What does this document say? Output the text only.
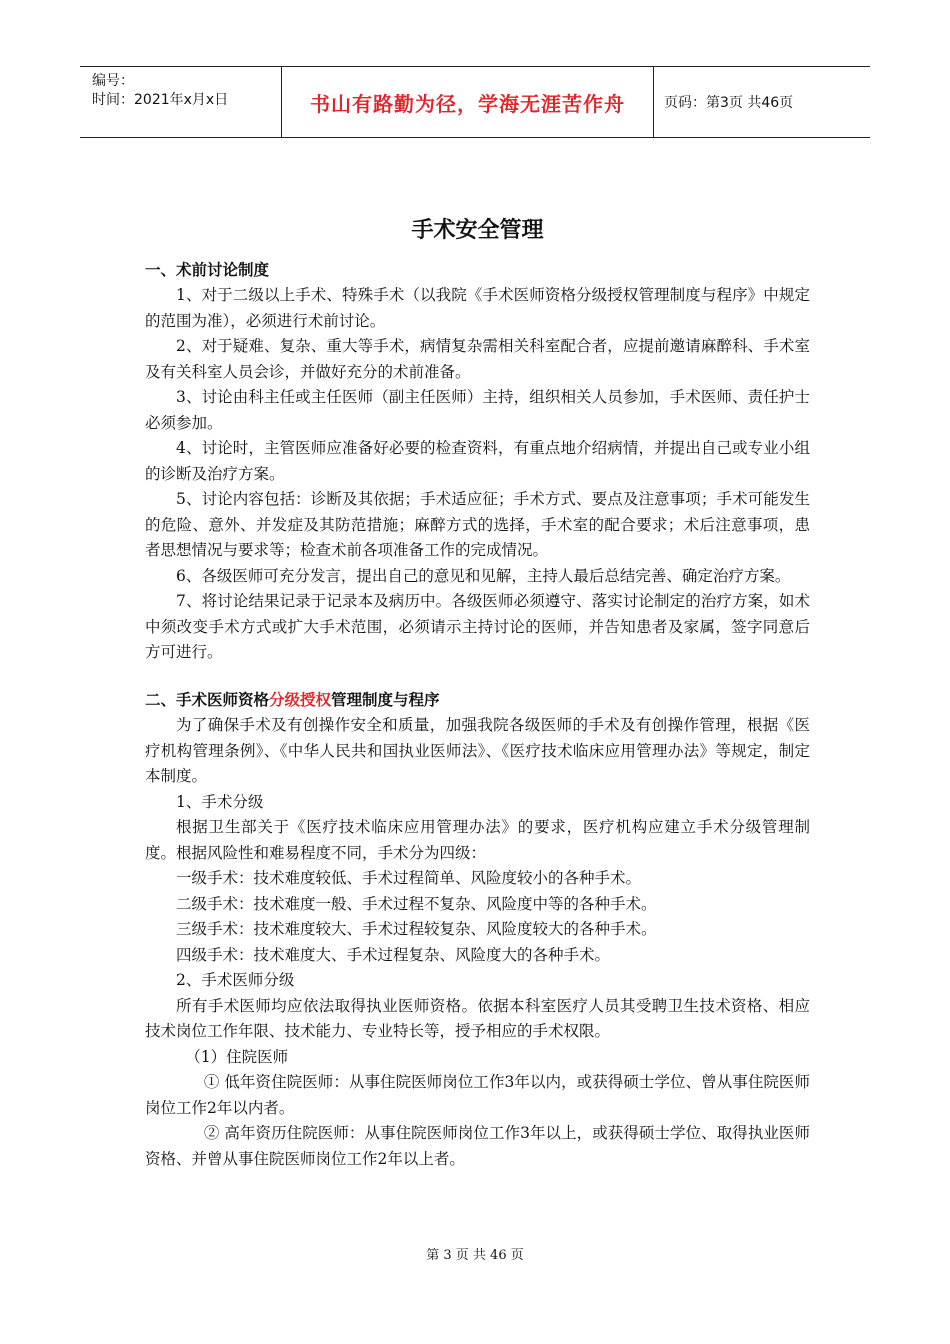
编号：
时间：2021年x月x日	书山有路勤为径，学海无涯苦作舟	页码：第3页 共46页
手术安全管理
一、术前讨论制度

1、对于二级以上手术、特殊手术（以我院《手术医师资格分级授权管理制度与程序》中规定的范围为准），必须进行术前讨论。

2、对于疑难、复杂、重大等手术，病情复杂需相关科室配合者，应提前邀请麻醉科、手术室及有关科室人员会诊，并做好充分的术前准备。

3、讨论由科主任或主任医师（副主任医师）主持，组织相关人员参加，手术医师、责任护士必须参加。

4、讨论时，主管医师应准备好必要的检查资料，有重点地介绍病情，并提出自己或专业小组的诊断及治疗方案。

5、讨论内容包括：诊断及其依据；手术适应征；手术方式、要点及注意事项；手术可能发生的危险、意外、并发症及其防范措施；麻醉方式的选择，手术室的配合要求；术后注意事项，患者思想情况与要求等；检查术前各项准备工作的完成情况。

6、各级医师可充分发言，提出自己的意见和见解，主持人最后总结完善、确定治疗方案。

7、将讨论结果记录于记录本及病历中。各级医师必须遵守、落实讨论制定的治疗方案，如术中须改变手术方式或扩大手术范围，必须请示主持讨论的医师，并告知患者及家属，签字同意后方可进行。

二、手术医师资格分级授权管理制度与程序

为了确保手术及有创操作安全和质量，加强我院各级医师的手术及有创操作管理，根据《医疗机构管理条例》、《中华人民共和国执业医师法》、《医疗技术临床应用管理办法》等规定，制定本制度。

1、手术分级

根据卫生部关于《医疗技术临床应用管理办法》的要求，医疗机构应建立手术分级管理制度。根据风险性和难易程度不同，手术分为四级：

一级手术：技术难度较低、手术过程简单、风险度较小的各种手术。

二级手术：技术难度一般、手术过程不复杂、风险度中等的各种手术。

三级手术：技术难度较大、手术过程较复杂、风险度较大的各种手术。

四级手术：技术难度大、手术过程复杂、风险度大的各种手术。

2、手术医师分级

所有手术医师均应依法取得执业医师资格。依据本科室医疗人员其受聘卫生技术资格、相应技术岗位工作年限、技术能力、专业特长等，授予相应的手术权限。

（1）住院医师

① 低年资住院医师：从事住院医师岗位工作3年以内，或获得硕士学位、曾从事住院医师岗位工作2年以内者。

② 高年资历住院医师：从事住院医师岗位工作3年以上，或获得硕士学位、取得执业医师资格、并曾从事住院医师岗位工作2年以上者。

第 3 页 共 46 页
